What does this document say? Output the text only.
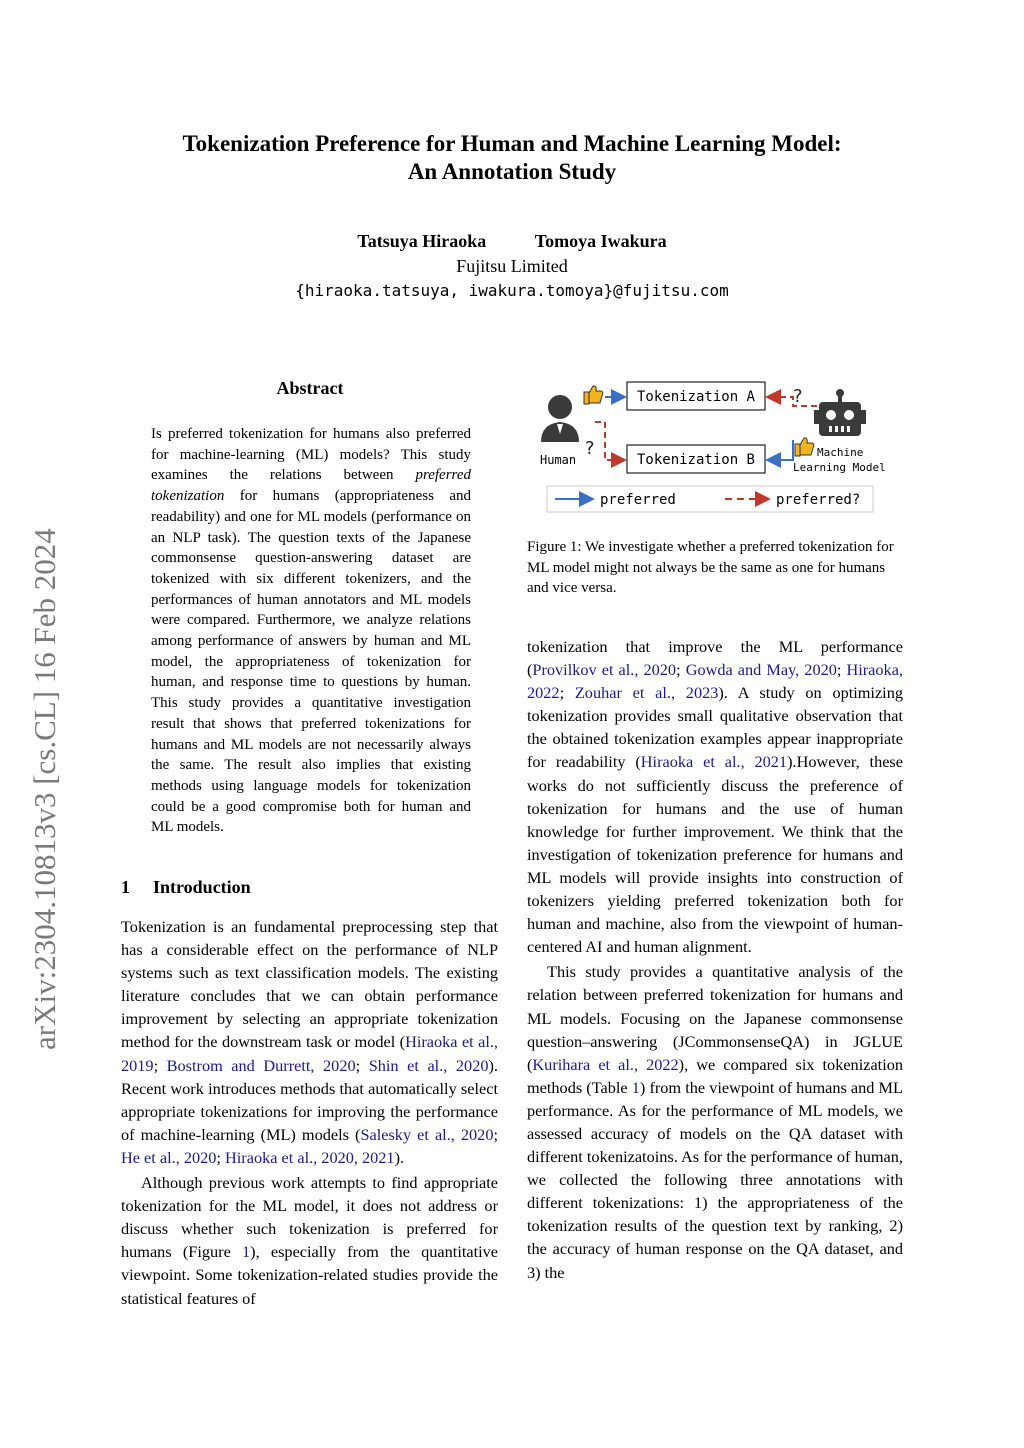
Tokenization Preference for Human and Machine Learning Model:
An Annotation Study
Tatsuya Hiraoka	Tomoya Iwakura
Fujitsu Limited
{hiraoka.tatsuya, iwakura.tomoya}@fujitsu.com
arXiv:2304.10813v3 [cs.CL] 16 Feb 2024
Abstract
Is preferred tokenization for humans also preferred for machine-learning (ML) models? This study examines the relations between preferred tokenization for humans (appropriateness and readability) and one for ML models (performance on an NLP task). The question texts of the Japanese commonsense question-answering dataset are tokenized with six different tokenizers, and the performances of human annotators and ML models were compared. Furthermore, we analyze relations among performance of answers by human and ML model, the appropriateness of tokenization for human, and response time to questions by human. This study provides a quantitative investigation result that shows that preferred tokenizations for humans and ML models are not necessarily always the same. The result also implies that existing methods using language models for tokenization could be a good compromise both for human and ML models.
1 Introduction

Tokenization is an fundamental preprocessing step that has a considerable effect on the performance of NLP systems such as text classification models. The existing literature concludes that we can obtain performance improvement by selecting an appropriate tokenization method for the downstream task or model (Hiraoka et al., 2019; Bostrom and Durrett, 2020; Shin et al., 2020). Recent work introduces methods that automatically select appropriate tokenizations for improving the performance of machine-learning (ML) models (Salesky et al., 2020; He et al., 2020; Hiraoka et al., 2020, 2021).

Although previous work attempts to find appropriate tokenization for the ML model, it does not address or discuss whether such tokenization is preferred for humans (Figure 1), especially from the quantitative viewpoint. Some tokenization-related studies provide the statistical features of

Human
Tokenization A
Tokenization B
?	Machine
Learning Model
?
preferred	preferred?
Figure 1: We investigate whether a preferred tokenization for ML model might not always be the same as one for humans and vice versa.

tokenization that improve the ML performance (Provilkov et al., 2020; Gowda and May, 2020; Hiraoka, 2022; Zouhar et al., 2023). A study on optimizing tokenization provides small qualitative observation that the obtained tokenization examples appear inappropriate for readability (Hiraoka et al., 2021).However, these works do not sufficiently discuss the preference of tokenization for humans and the use of human knowledge for further improvement. We think that the investigation of tokenization preference for humans and ML models will provide insights into construction of tokenizers yielding preferred tokenization both for human and machine, also from the viewpoint of human-centered AI and human alignment.

This study provides a quantitative analysis of the relation between preferred tokenization for humans and ML models. Focusing on the Japanese commonsense question–answering (JCommonsenseQA) in JGLUE (Kurihara et al., 2022), we compared six tokenization methods (Table 1) from the viewpoint of humans and ML performance. As for the performance of ML models, we assessed accuracy of models on the QA dataset with different tokenizatoins. As for the performance of human, we collected the following three annotations with different tokenizations: 1) the appropriateness of the tokenization results of the question text by ranking, 2) the accuracy of human response on the QA dataset, and 3) the
